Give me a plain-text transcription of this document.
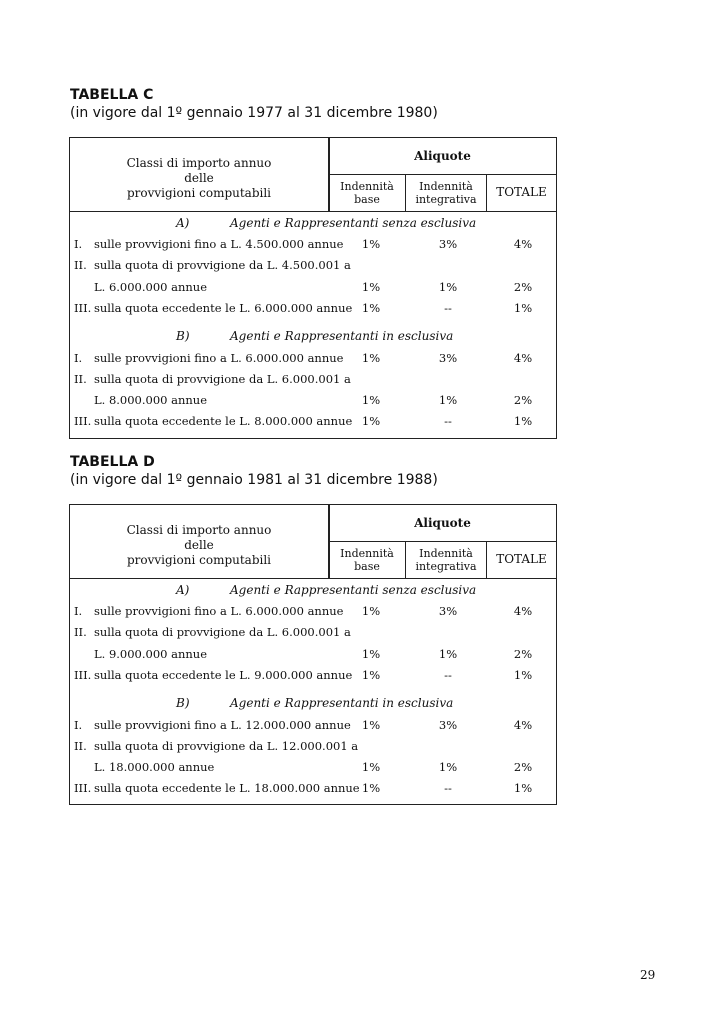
TABELLA C
(in vigore dal 1º gennaio 1977 al 31 dicembre 1980)
Classi di importo annuo
delle
provvigioni computabili
Aliquote
Indennità
base
Indennità
integrativa	TOTALE
A)	Agenti e Rappresentanti senza esclusiva
I. sulle provvigioni fino a L. 4.500.000 annue	1%	3%	4%
II. sulla quota di provvigione da L. 4.500.001 a
L. 6.000.000 annue	1%	1%	2%
III. sulla quota eccedente le L. 6.000.000 annue 1%	--	1%
B)	Agenti e Rappresentanti in esclusiva
I. sulle provvigioni fino a L. 6.000.000 annue	1%	3%	4%
II. sulla quota di provvigione da L. 6.000.001 a
L. 8.000.000 annue	1%	1%	2%
III. sulla quota eccedente le L. 8.000.000 annue 1%	--	1%
TABELLA D
(in vigore dal 1º gennaio 1981 al 31 dicembre 1988)
Classi di importo annuo
delle
provvigioni computabili
Aliquote
Indennità
base
Indennità
integrativa	TOTALE
A)	Agenti e Rappresentanti senza esclusiva
I. sulle provvigioni fino a L. 6.000.000 annue	1%	3%	4%
II. sulla quota di provvigione da L. 6.000.001 a
L. 9.000.000 annue	1%	1%	2%
III. sulla quota eccedente le L. 9.000.000 annue 1%	--	1%
B)	Agenti e Rappresentanti in esclusiva
I. sulle provvigioni fino a L. 12.000.000 annue 1%	3%	4%
II. sulla quota di provvigione da L. 12.000.001 a
L. 18.000.000 annue	1%	1%	2%
III. sulla quota eccedente le L. 18.000.000 annue 1%	--	1%
29
